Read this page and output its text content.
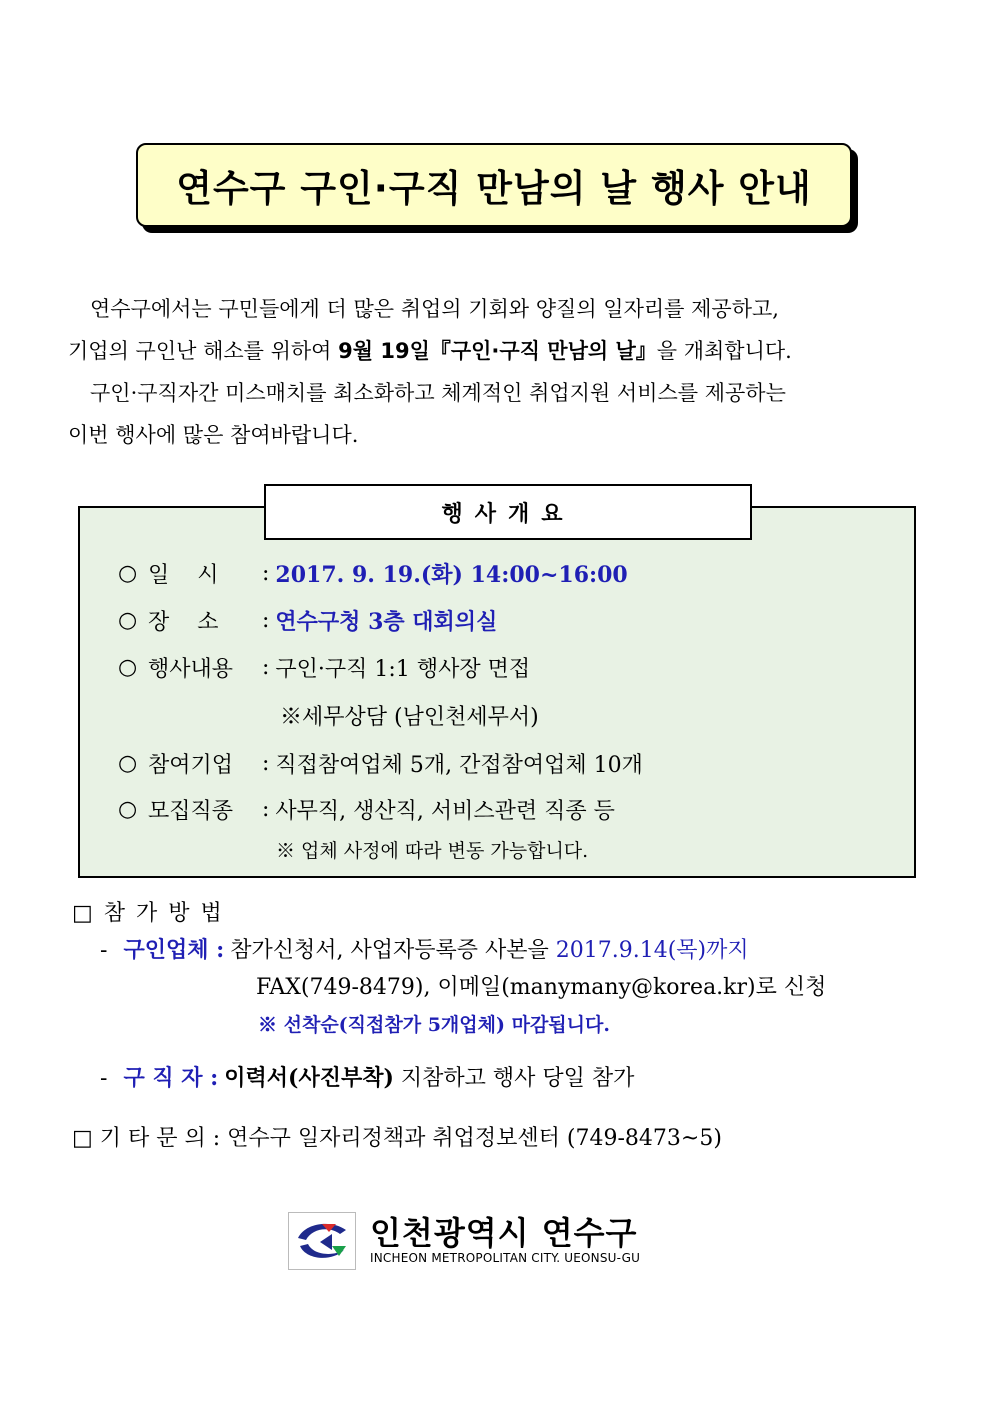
연수구 구인·구직 만남의 날 행사 안내

연수구에서는 구민들에게 더 많은 취업의 기회와 양질의 일자리를 제공하고,

기업의 구인난 해소를 위하여 9월 19일『구인·구직 만남의 날』을 개최합니다.

구인·구직자간 미스매치를 최소화하고 체계적인 취업지원 서비스를 제공하는

이번 행사에 많은 참여바랍니다.

행사개요
○ 일    시	: 2017. 9. 19.(화) 14:00~16:00
○ 장    소	: 연수구청 3층 대회의실
○ 행사내용	: 구인·구직 1:1 행사장 면접
※세무상담 (남인천세무서)
○ 참여기업	: 직접참여업체 5개, 간접참여업체 10개
○ 모집직종	: 사무직, 생산직, 서비스관련 직종 등
※ 업체 사정에 따라 변동 가능합니다.
□ 참 가 방 법
- 구인업체 : 참가신청서, 사업자등록증 사본을 2017.9.14(목)까지
FAX(749-8479), 이메일(manymany@korea.kr)로 신청
※ 선착순(직접참가 5개업체) 마감됩니다.
- 구 직 자 : 이력서(사진부착) 지참하고 행사 당일 참가
□ 기 타 문 의 : 연수구 일자리정책과 취업정보센터 (749-8473~5)
인천광역시 연수구
INCHEON METROPOLITAN CITY. UEONSU-GU
